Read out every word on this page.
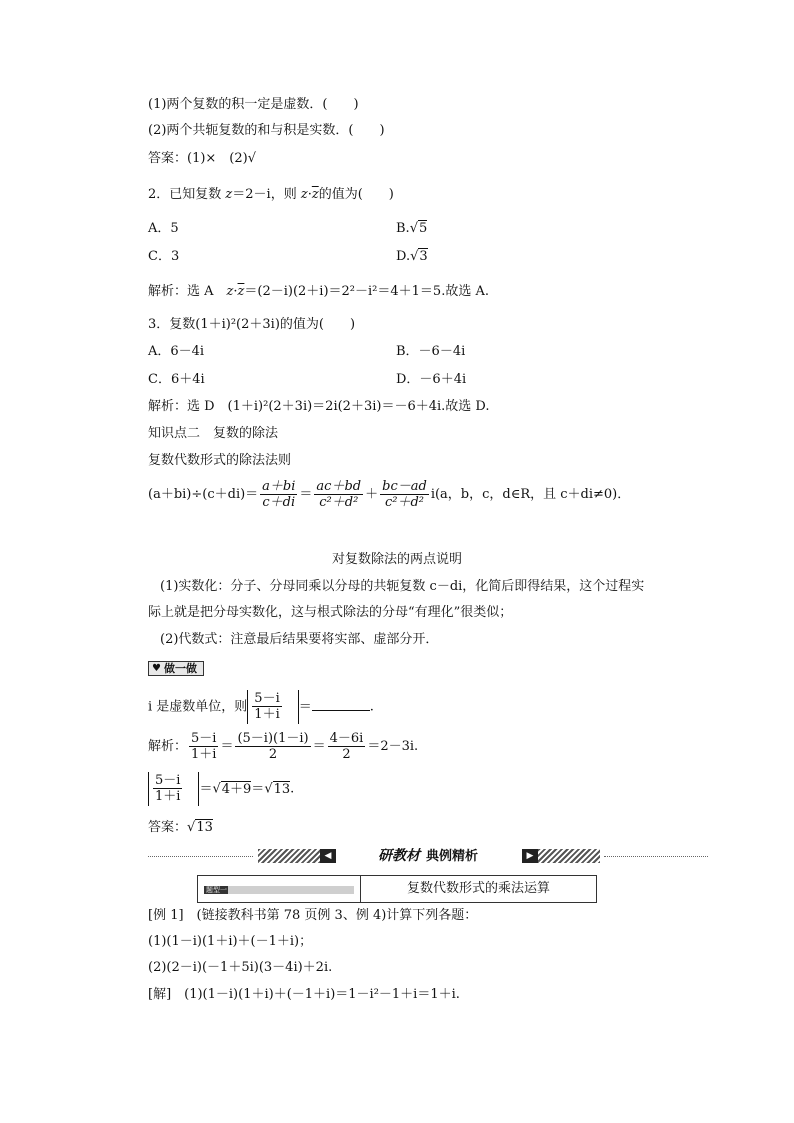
(1)两个复数的积一定是虚数．(　　)
(2)两个共轭复数的和与积是实数．(　　)
答案：(1)×　(2)√
2．已知复数 z＝2－i，则 $z\cdot\overline{z}$的值为(　　)
A．5	B.√5
C．3	D.√3
解析：选 A　$z\cdot\overline{z}=(2-i)(2+i)=2^2-i^2=4+1=5$.故选 A.
3．复数(1＋i)²(2＋3i)的值为(　　)
A．6－4i	B．－6－4i
C．6＋4i	D．－6＋4i
解析：选 D　(1＋i)²(2＋3i)＝2i(2＋3i)＝－6＋4i.故选 D.
知识点二　复数的除法
复数代数形式的除法法则
$(a+bi)\div(c+di)= \frac{a+bi}{c+di} = \frac{ac+bd}{\text{c²＋d²}} + \frac{bc-ad}{\text{c²＋d²}} i(a$，b，c，d∈R，且 c＋di≠0)．
对复数除法的两点说明
(1)实数化：分子、分母同乘以分母的共轭复数 c－di，化简后即得结果，这个过程实
际上就是把分母实数化，这与根式除法的分母“有理化”很类似；
(2)代数式：注意最后结果要将实部、虚部分开．
♥ 做一做
i 是虚数单位，则 $\frac{5-i}{1+i}$ ＝	.
解析： $\frac{5-i}{1+i} = \frac{(5-i)(1-i)}{2} = \frac{4-6i}{2} =2-3i$.
$\frac{5-i}{1+i} =√4+9=√13$.
答案：√13
◀	研教材 典例精析	▶
题型一	复数代数形式的乘法运算
[例 1]　(链接教科书第 78 页例 3、例 4)计算下列各题：
(1)(1－i)(1＋i)＋(－1＋i)；
(2)(2－i)(－1＋5i)(3－4i)＋2i.
[解]　(1)(1－i)(1＋i)＋(－1＋i)＝1－i²－1＋i＝1＋i.
